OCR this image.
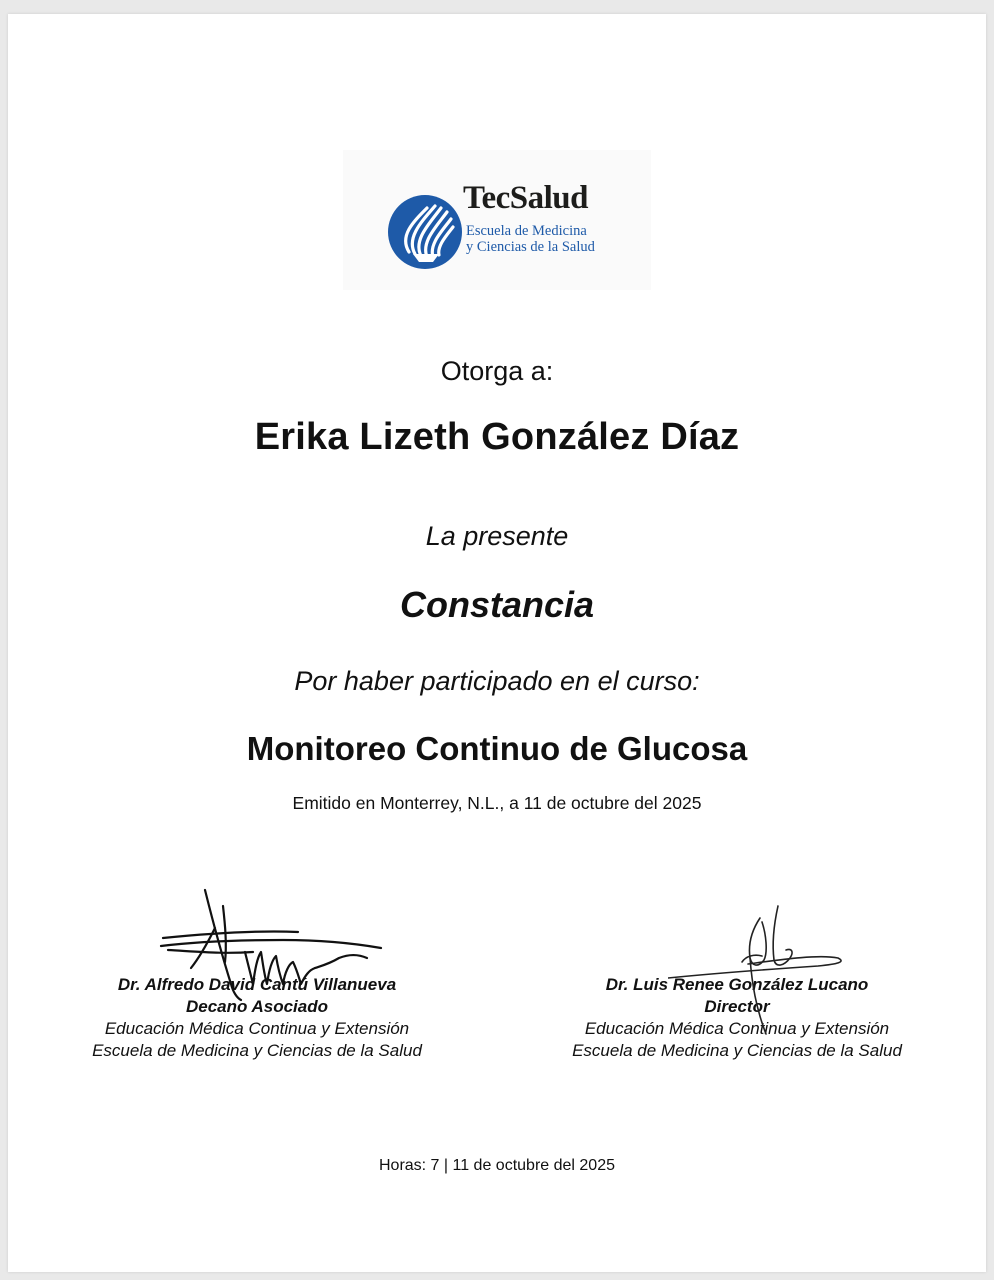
TecSalud
Escuela de Medicina
y Ciencias de la Salud
Otorga a:
Erika Lizeth González Díaz
La presente
Constancia
Por haber participado en el curso:
Monitoreo Continuo de Glucosa
Emitido en Monterrey, N.L., a 11 de octubre del 2025
Dr. Alfredo David Cantú Villanueva
Decano Asociado
Educación Médica Continua y Extensión
Escuela de Medicina y Ciencias de la Salud
Dr. Luis Renee González Lucano
Director
Educación Médica Continua y Extensión
Escuela de Medicina y Ciencias de la Salud
Horas: 7 | 11 de octubre del 2025
